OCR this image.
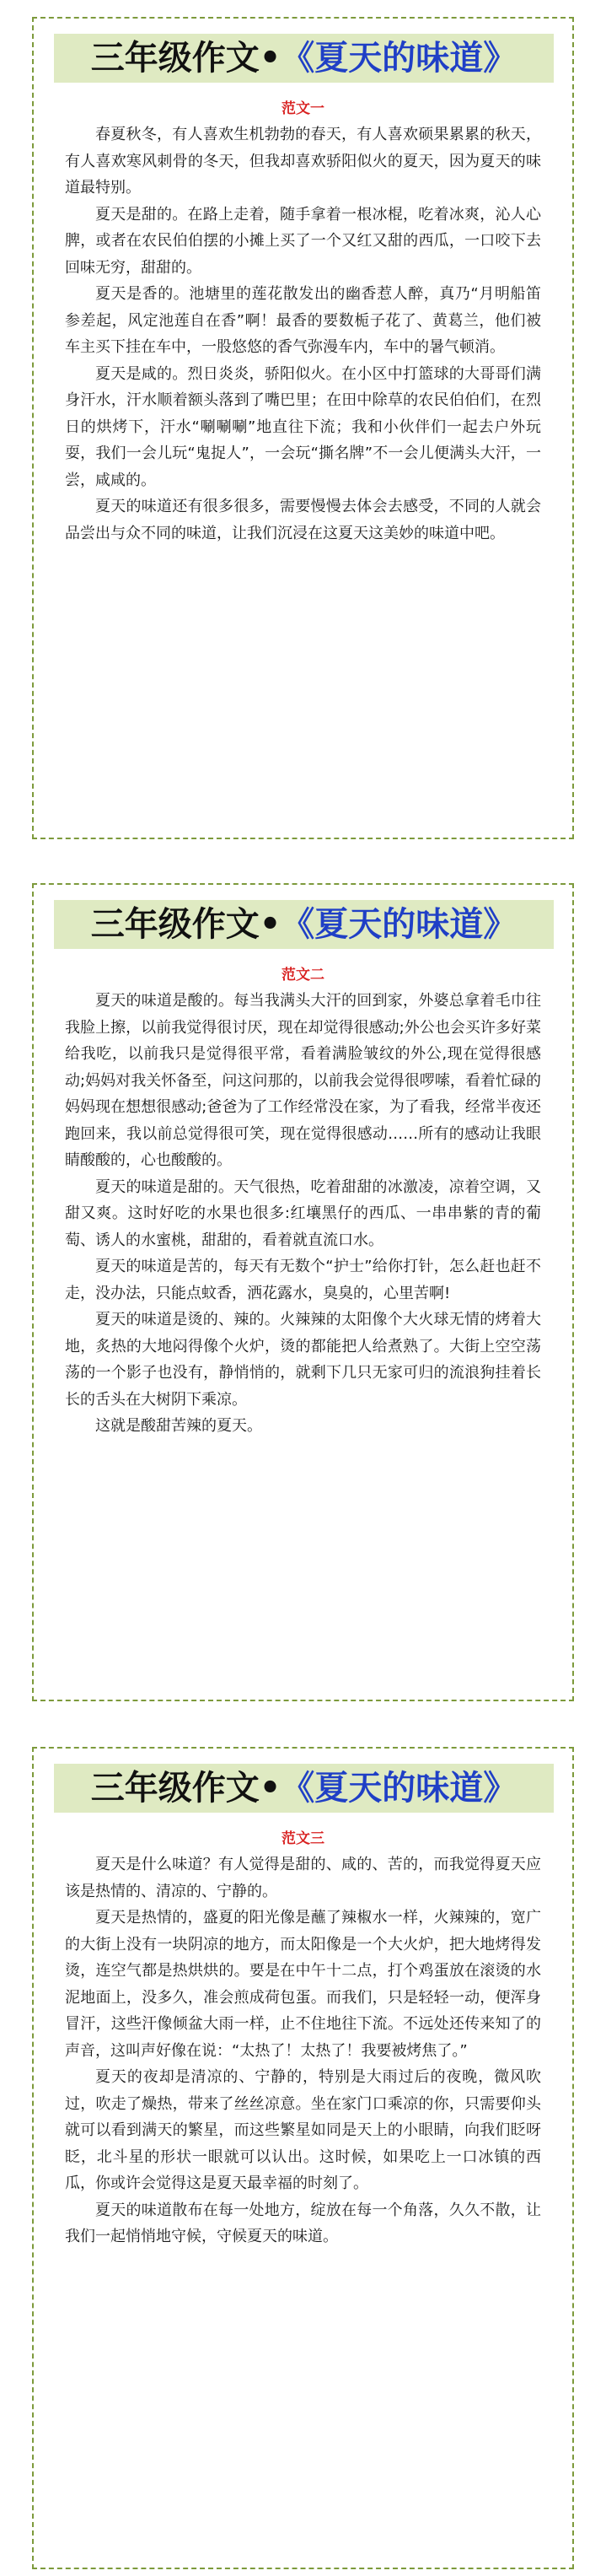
三年级作文•《夏天的味道》
范文一

春夏秋冬，有人喜欢生机勃勃的春天，有人喜欢硕果累累的秋天，有人喜欢寒风刺骨的冬天，但我却喜欢骄阳似火的夏天，因为夏天的味道最特别。

夏天是甜的。在路上走着，随手拿着一根冰棍，吃着冰爽，沁人心脾，或者在农民伯伯摆的小摊上买了一个又红又甜的西瓜，一口咬下去回味无穷，甜甜的。

夏天是香的。池塘里的莲花散发出的幽香惹人醉，真乃“月明船笛参差起，风定池莲自在香”啊！最香的要数栀子花了、黄葛兰，他们被车主买下挂在车中，一股悠悠的香气弥漫车内，车中的暑气顿消。

夏天是咸的。烈日炎炎，骄阳似火。在小区中打篮球的大哥哥们满身汗水，汗水顺着额头落到了嘴巴里；在田中除草的农民伯伯们，在烈日的烘烤下，汗水“唰唰唰”地直往下流；我和小伙伴们一起去户外玩耍，我们一会儿玩“鬼捉人”，一会玩“撕名牌”不一会儿便满头大汗，一尝，咸咸的。

夏天的味道还有很多很多，需要慢慢去体会去感受，不同的人就会品尝出与众不同的味道，让我们沉浸在这夏天这美妙的味道中吧。

三年级作文•《夏天的味道》
范文二

夏天的味道是酸的。每当我满头大汗的回到家，外婆总拿着毛巾往我脸上擦，以前我觉得很讨厌，现在却觉得很感动;外公也会买许多好菜给我吃，以前我只是觉得很平常，看着满脸皱纹的外公,现在觉得很感动;妈妈对我关怀备至，问这问那的，以前我会觉得很啰嗦，看着忙碌的妈妈现在想想很感动;爸爸为了工作经常没在家，为了看我，经常半夜还跑回来，我以前总觉得很可笑，现在觉得很感动……所有的感动让我眼睛酸酸的，心也酸酸的。

夏天的味道是甜的。天气很热，吃着甜甜的冰激凌，凉着空调，又甜又爽。这时好吃的水果也很多:红壤黑仔的西瓜、一串串紫的青的葡萄、诱人的水蜜桃，甜甜的，看着就直流口水。

夏天的味道是苦的，每天有无数个“护士”给你打针，怎么赶也赶不走，没办法，只能点蚊香，洒花露水，臭臭的，心里苦啊!

夏天的味道是烫的、辣的。火辣辣的太阳像个大火球无情的烤着大地，炙热的大地闷得像个火炉，烫的都能把人给煮熟了。大街上空空荡荡的一个影子也没有，静悄悄的，就剩下几只无家可归的流浪狗挂着长长的舌头在大树阴下乘凉。

这就是酸甜苦辣的夏天。

三年级作文•《夏天的味道》
范文三

夏天是什么味道？有人觉得是甜的、咸的、苦的，而我觉得夏天应该是热情的、清凉的、宁静的。

夏天是热情的，盛夏的阳光像是蘸了辣椒水一样，火辣辣的，宽广的大街上没有一块阴凉的地方，而太阳像是一个大火炉，把大地烤得发烫，连空气都是热烘烘的。要是在中午十二点，打个鸡蛋放在滚烫的水泥地面上，没多久，准会煎成荷包蛋。而我们，只是轻轻一动，便浑身冒汗，这些汗像倾盆大雨一样，止不住地往下流。不远处还传来知了的声音，这叫声好像在说：“太热了！太热了！我要被烤焦了。”

夏天的夜却是清凉的、宁静的，特别是大雨过后的夜晚，微风吹过，吹走了燥热，带来了丝丝凉意。坐在家门口乘凉的你，只需要仰头就可以看到满天的繁星，而这些繁星如同是天上的小眼睛，向我们眨呀眨，北斗星的形状一眼就可以认出。这时候，如果吃上一口冰镇的西瓜，你或许会觉得这是夏天最幸福的时刻了。

夏天的味道散布在每一处地方，绽放在每一个角落，久久不散，让我们一起悄悄地守候，守候夏天的味道。
